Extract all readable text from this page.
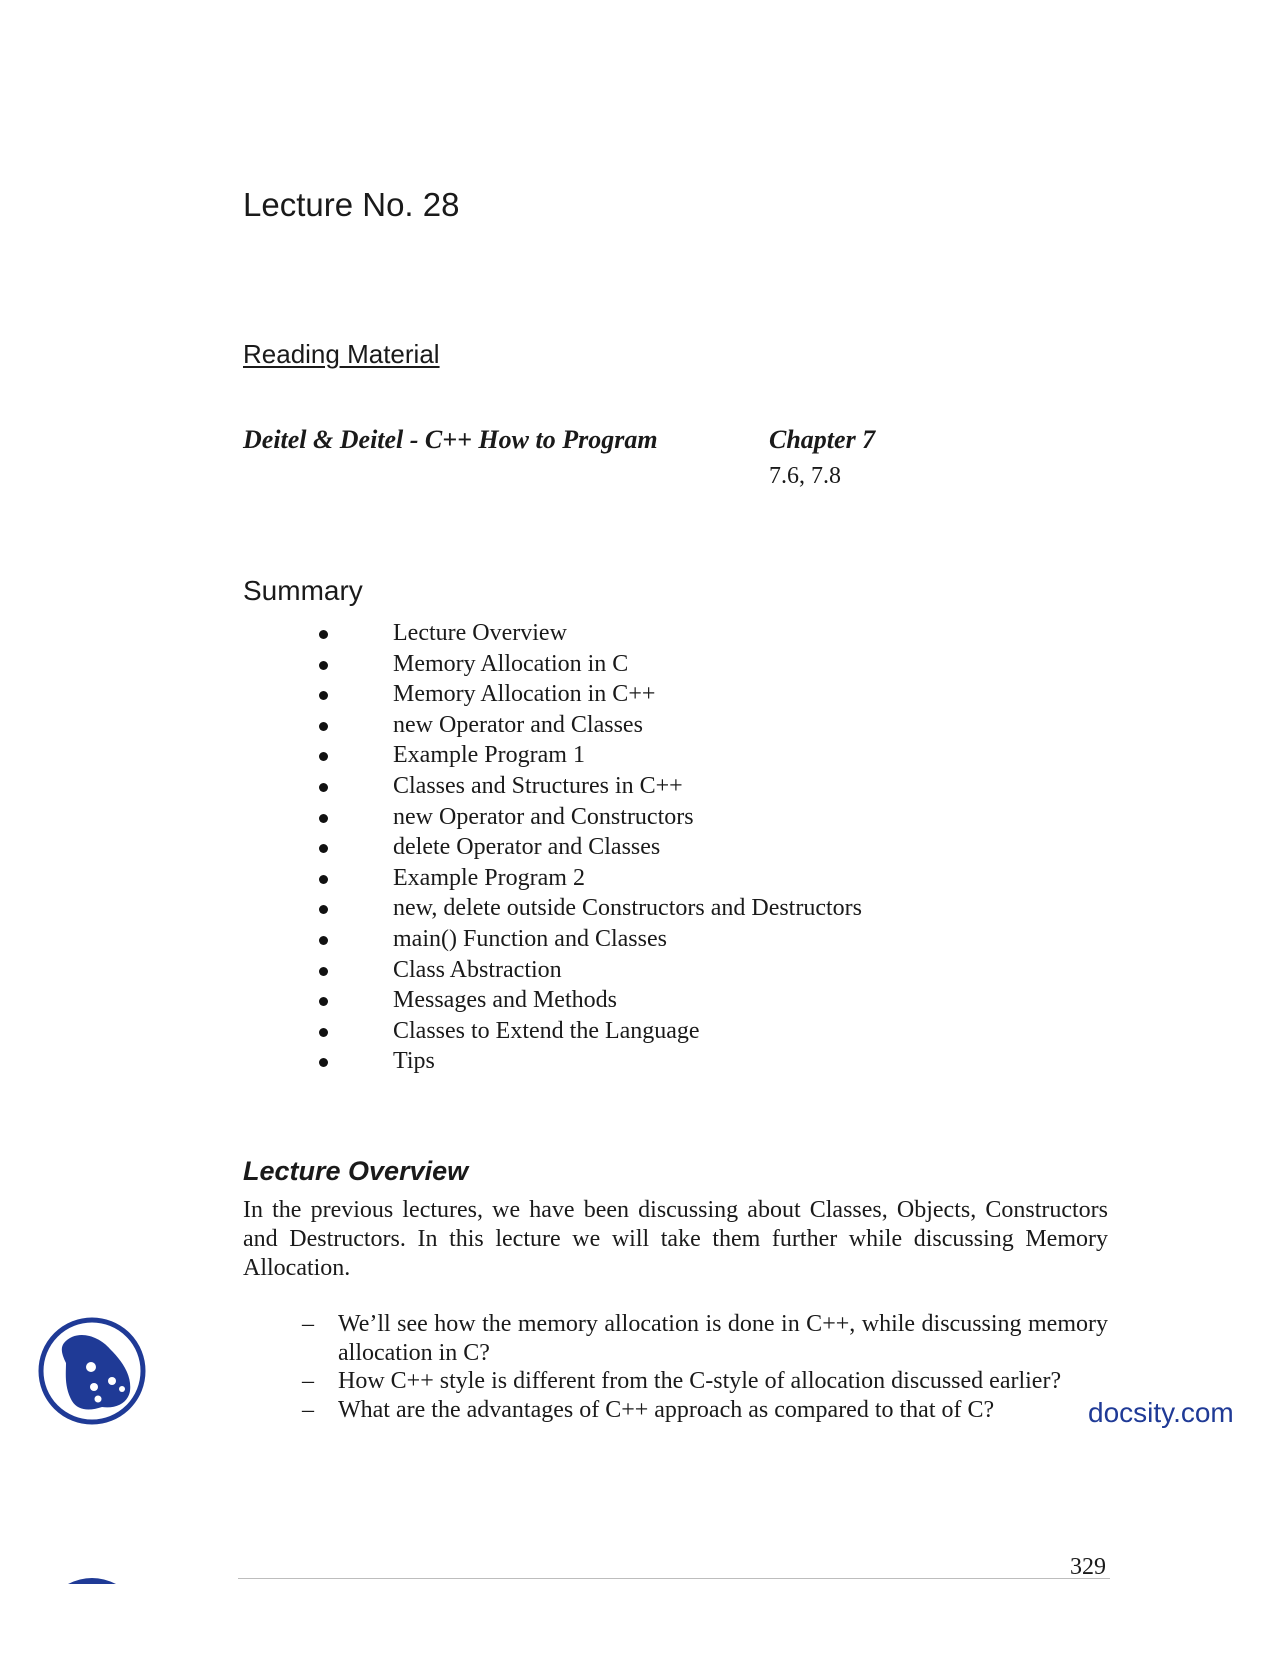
Lecture No. 28
Reading Material
Deitel & Deitel - C++ How to Program	Chapter 7
7.6, 7.8
Summary
Lecture Overview
Memory Allocation in C
Memory Allocation in C++
new Operator and Classes
Example Program 1
Classes and Structures in C++
new Operator and Constructors
delete Operator and Classes
Example Program 2
new, delete outside Constructors and Destructors
main() Function and Classes
Class Abstraction
Messages and Methods
Classes to Extend the Language
Tips
Lecture Overview

In the previous lectures, we have been discussing about Classes, Objects, Constructors and Destructors. In this lecture we will take them further while discussing Memory Allocation.

– We’ll see how the memory allocation is done in C++, while discussing memory allocation in C?
– How C++ style is different from the C-style of allocation discussed earlier?
– What are the advantages of C++ approach as compared to that of C?	docsity.com
329
